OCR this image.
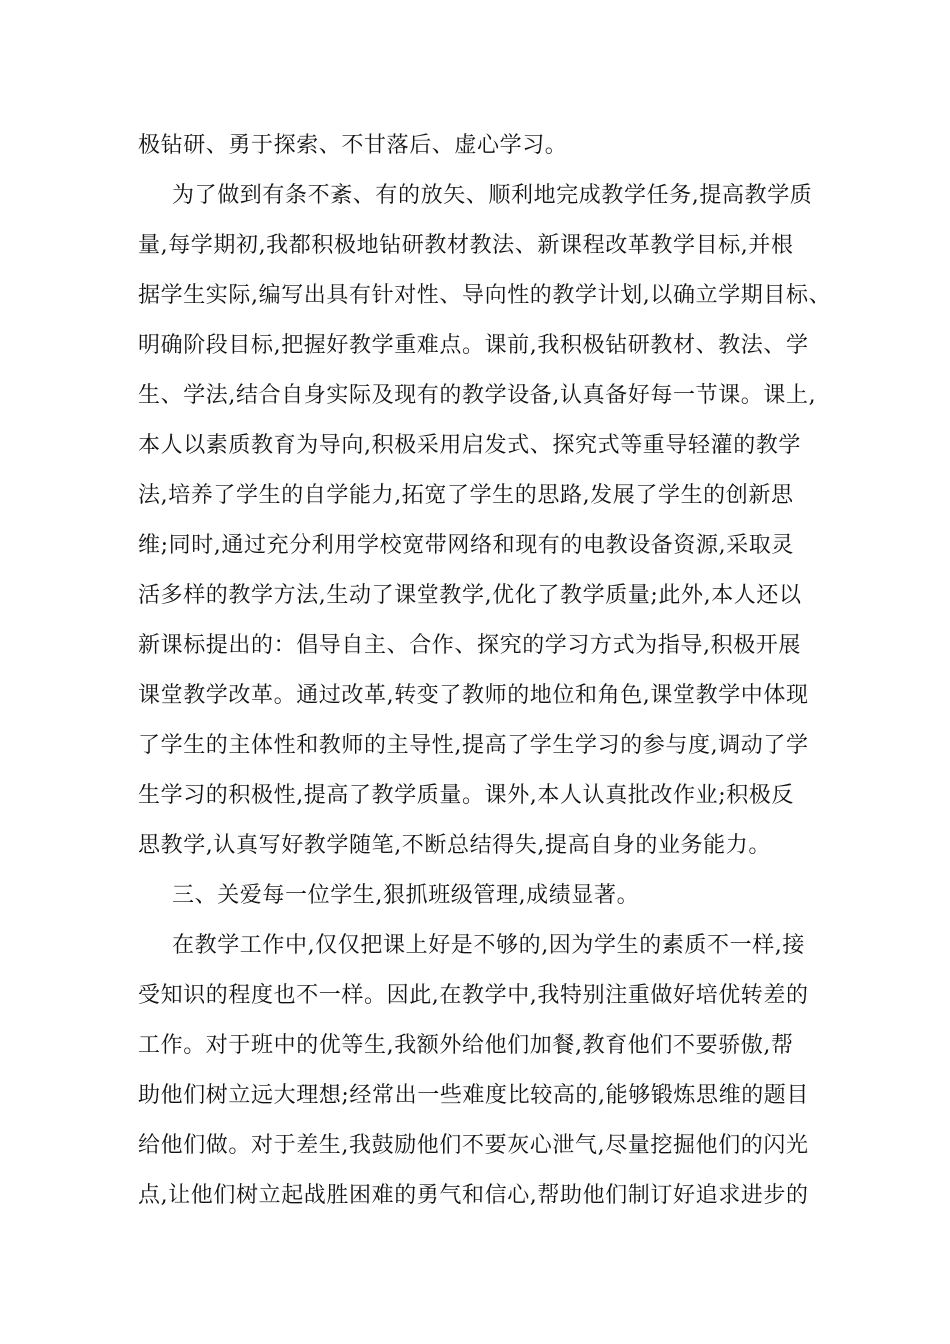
极钻研、勇于探索、不甘落后、虚心学习。
为了做到有条不紊、有的放矢、顺利地完成教学任务,提高教学质
量,每学期初,我都积极地钻研教材教法、新课程改革教学目标,并根
据学生实际,编写出具有针对性、导向性的教学计划,以确立学期目标、
明确阶段目标,把握好教学重难点。课前,我积极钻研教材、教法、学
生、学法,结合自身实际及现有的教学设备,认真备好每一节课。课上,
本人以素质教育为导向,积极采用启发式、探究式等重导轻灌的教学
法,培养了学生的自学能力,拓宽了学生的思路,发展了学生的创新思
维;同时,通过充分利用学校宽带网络和现有的电教设备资源,采取灵
活多样的教学方法,生动了课堂教学,优化了教学质量;此外,本人还以
新课标提出的：倡导自主、合作、探究的学习方式为指导,积极开展
课堂教学改革。通过改革,转变了教师的地位和角色,课堂教学中体现
了学生的主体性和教师的主导性,提高了学生学习的参与度,调动了学
生学习的积极性,提高了教学质量。课外,本人认真批改作业;积极反
思教学,认真写好教学随笔,不断总结得失,提高自身的业务能力。
三、关爱每一位学生,狠抓班级管理,成绩显著。
在教学工作中,仅仅把课上好是不够的,因为学生的素质不一样,接
受知识的程度也不一样。因此,在教学中,我特别注重做好培优转差的
工作。对于班中的优等生,我额外给他们加餐,教育他们不要骄傲,帮
助他们树立远大理想;经常出一些难度比较高的,能够锻炼思维的题目
给他们做。对于差生,我鼓励他们不要灰心泄气,尽量挖掘他们的闪光
点,让他们树立起战胜困难的勇气和信心,帮助他们制订好追求进步的
